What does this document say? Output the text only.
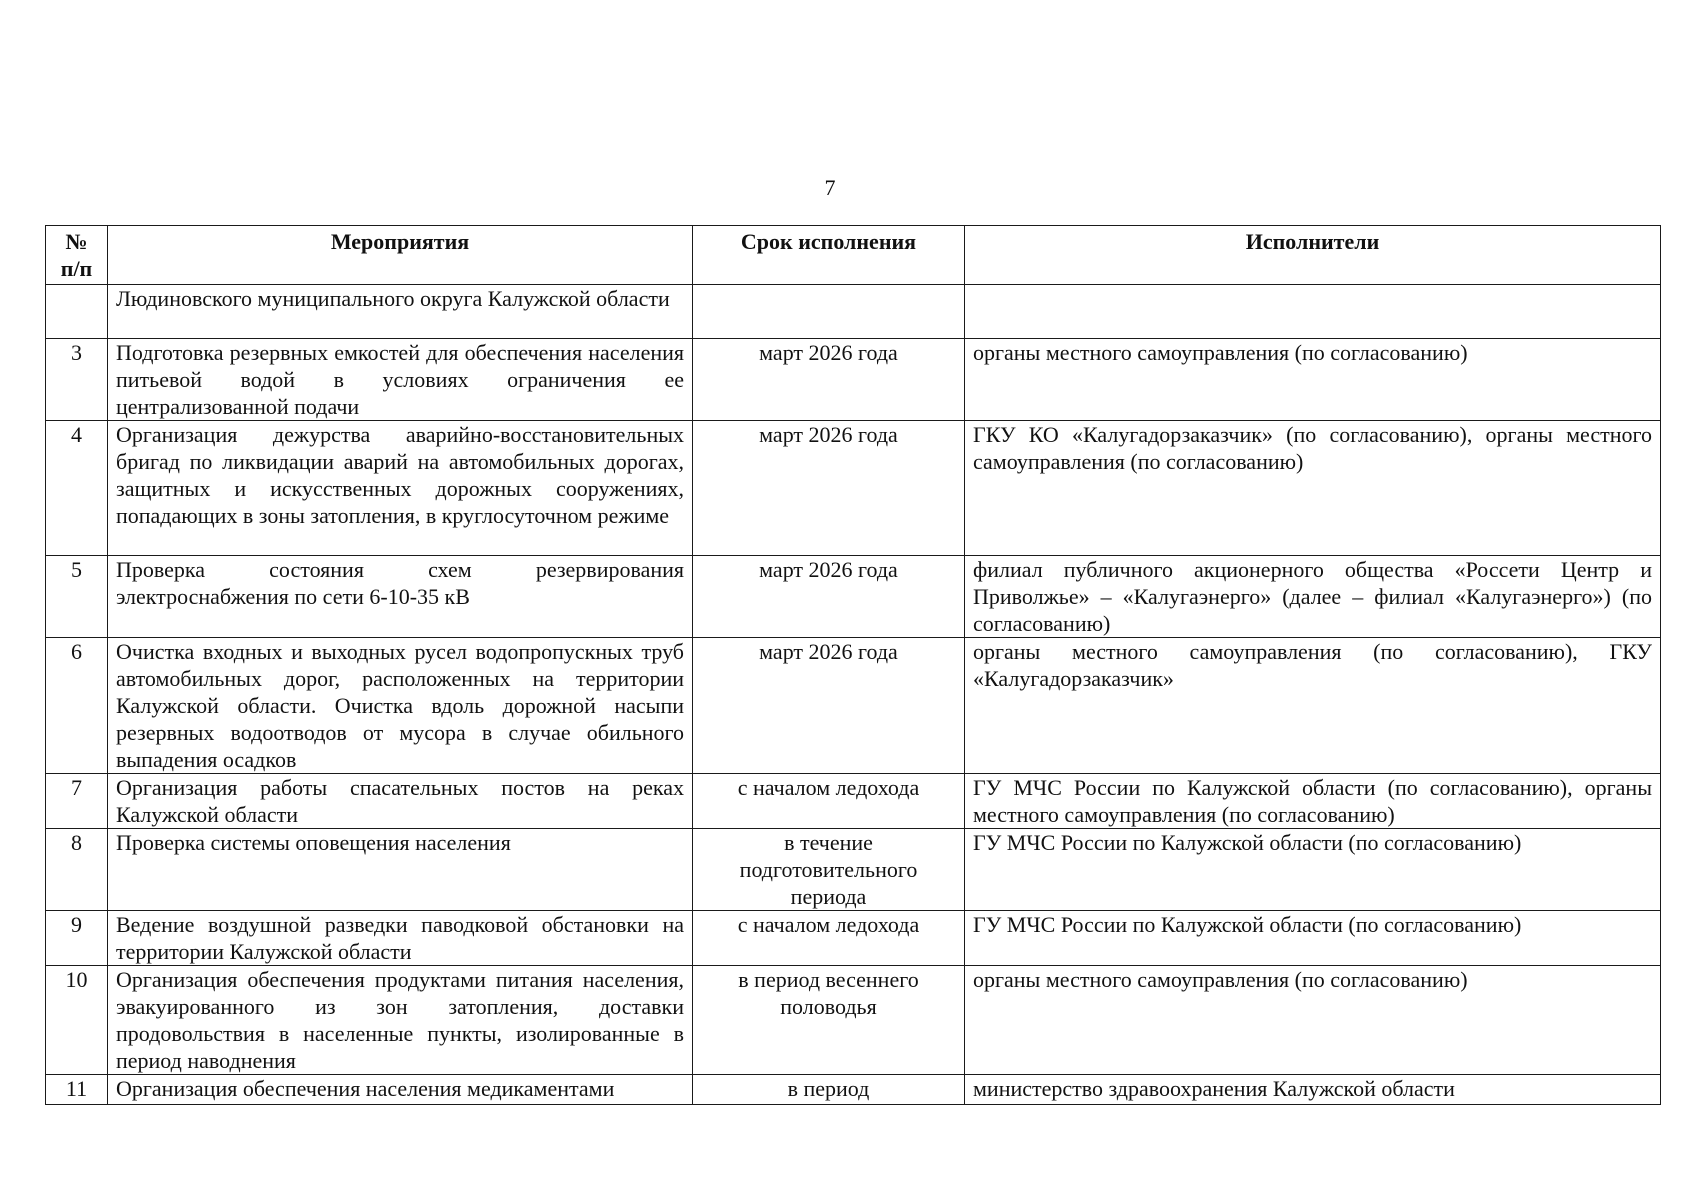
7
№ п/п	Мероприятия	Срок исполнения	Исполнители
	Людиновского муниципального округа Калужской области		
3	Подготовка резервных емкостей для обеспечения населения питьевой водой в условиях ограничения ее централизованной подачи	март 2026 года	органы местного самоуправления (по согласованию)
4	Организация дежурства аварийно-восстановительных бригад по ликвидации аварий на автомобильных дорогах, защитных и искусственных дорожных сооружениях, попадающих в зоны затопления, в круглосуточном режиме	март 2026 года	ГКУ КО «Калугадорзаказчик» (по согласованию), органы местного самоуправления (по согласованию)
5	Проверка состояния схем резервирования электроснабжения по сети 6-10-35 кВ	март 2026 года	филиал публичного акционерного общества «Россети Центр и Приволжье» – «Калугаэнерго» (далее – филиал «Калугаэнерго») (по согласованию)
6	Очистка входных и выходных русел водопропускных труб автомобильных дорог, расположенных на территории Калужской области. Очистка вдоль дорожной насыпи резервных водоотводов от мусора в случае обильного выпадения осадков	март 2026 года	органы местного самоуправления (по согласованию), ГКУ «Калугадорзаказчик»
7	Организация работы спасательных постов на реках Калужской области	с началом ледохода	ГУ МЧС России по Калужской области (по согласованию), органы местного самоуправления (по согласованию)
8	Проверка системы оповещения населения	в течение подготовительного периода	ГУ МЧС России по Калужской области (по согласованию)
9	Ведение воздушной разведки паводковой обстановки на территории Калужской области	с началом ледохода	ГУ МЧС России по Калужской области (по согласованию)
10	Организация обеспечения продуктами питания населения, эвакуированного из зон затопления, доставки продовольствия в населенные пункты, изолированные в период наводнения	в период весеннего половодья	органы местного самоуправления (по согласованию)
11	Организация обеспечения населения медикаментами	в период	министерство здравоохранения Калужской области
